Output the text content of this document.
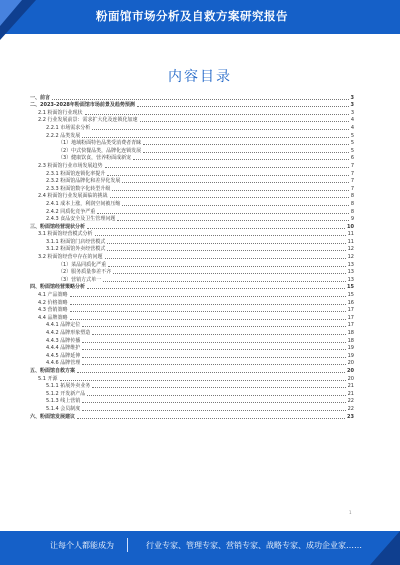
粉面馆市场分析及自救方案研究报告
内容目录
一、前言	3
二、2023-2028年粉面馆市场前景及趋势预测	3
2.1 粉面馆行业现状	3
2.2 行业发展前景：需求扩大化及连锁化加速	4
2.2.1 市场需求分析	4
2.2.2 品类发展	5
（1）地域粉面特色品类受消费者青睐	5
（2）中式快餐品类，品牌化连锁发展	5
（3）健康饮食，营养粉面成新宠	6
2.3 粉面馆行业市场发展趋势	7
2.3.1 粉面馆连锁化率提升	7
2.3.2 粉面馆品牌化和差异化发展	7
2.3.3 粉面馆数字化转型升级	7
2.4 粉面馆行业发展面临的挑战	8
2.4.1 成本上涨，利润空间被压缩	8
2.4.2 同质化竞争严重	8
2.4.3 食品安全及卫生管理问题	9
三、粉面馆经营现状分析	10
3.1 粉面馆经营模式分析	11
3.1.1 粉面馆门店经营模式	11
3.1.2 粉面馆外卖经营模式	12
3.2 粉面馆经营中存在的问题	12
（1）菜品同质化严重	13
（2）服务质量参差不齐	13
（3）营销方式单一	13
四、粉面馆经营策略分析	15
4.1 产品策略	15
4.2 价格策略	16
4.3 营销策略	17
4.4 品牌策略	17
4.4.1 品牌定位	17
4.4.2 品牌形象塑造	18
4.4.3 品牌传播	18
4.4.4 品牌维护	19
4.4.5 品牌延伸	19
4.4.6 品牌管理	20
五、粉面馆自救方案	20
5.1 开源	20
5.1.1 拓展外卖业务	21
5.1.2 开发新产品	21
5.1.3 线上营销	22
5.1.4 会员制度	22
六、粉面馆发展建议	23
1
让每个人都能成为	行业专家、管理专家、营销专家、战略专家、成功企业家……
